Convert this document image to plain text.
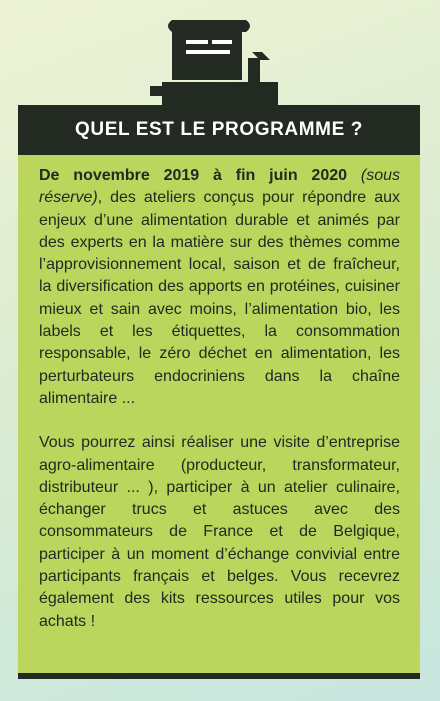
QUEL EST LE PROGRAMME ?

De novembre 2019 à fin juin 2020 (sous réserve), des ateliers conçus pour répondre aux enjeux d’une alimentation durable et animés par des experts en la matière sur des thèmes comme l’approvisionnement local, saison et de fraîcheur, la diversification des apports en protéines, cuisiner mieux et sain avec moins, l’alimentation bio, les labels et les étiquettes, la consommation responsable, le zéro déchet en alimentation, les perturbateurs endocriniens dans la chaîne alimentaire ...

Vous pourrez ainsi réaliser une visite d’entreprise agro-alimentaire (producteur, transformateur, distributeur ... ), participer à un atelier culinaire, échanger trucs et astuces avec des consommateurs de France et de Belgique, participer à un moment d’échange convivial entre participants français et belges. Vous recevrez également des kits ressources utiles pour vos achats !
